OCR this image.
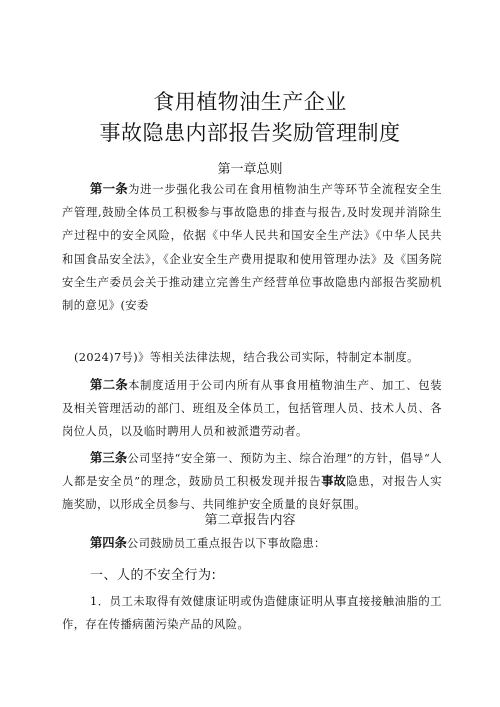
食用植物油生产企业
事故隐患内部报告奖励管理制度
第一章总则
第一条为进一步强化我公司在食用植物油生产等环节全流程安全生产管理,鼓励全体员工积极参与事故隐患的排查与报告,及时发现并消除生产过程中的安全风险，依据《中华人民共和国安全生产法》《中华人民共和国食品安全法》，《企业安全生产费用提取和使用管理办法》及《国务院安全生产委员会关于推动建立完善生产经营单位事故隐患内部报告奖励机制的意见》(安委
(2024)7号)》等相关法律法规，结合我公司实际，特制定本制度。
第二条本制度适用于公司内所有从事食用植物油生产、加工、包装及相关管理活动的部门、班组及全体员工，包括管理人员、技术人员、各岗位人员，以及临时聘用人员和被派遣劳动者。
第三条公司坚持“安全第一、预防为主、综合治理”的方针，倡导“人人都是安全员”的理念，鼓励员工积极发现并报告事故隐患，对报告人实施奖励，以形成全员参与、共同维护安全质量的良好氛围。
第二章报告内容
第四条公司鼓励员工重点报告以下事故隐患：
一、人的不安全行为:
1．员工未取得有效健康证明或伪造健康证明从事直接接触油脂的工作，存在传播病菌污染产品的风险。
